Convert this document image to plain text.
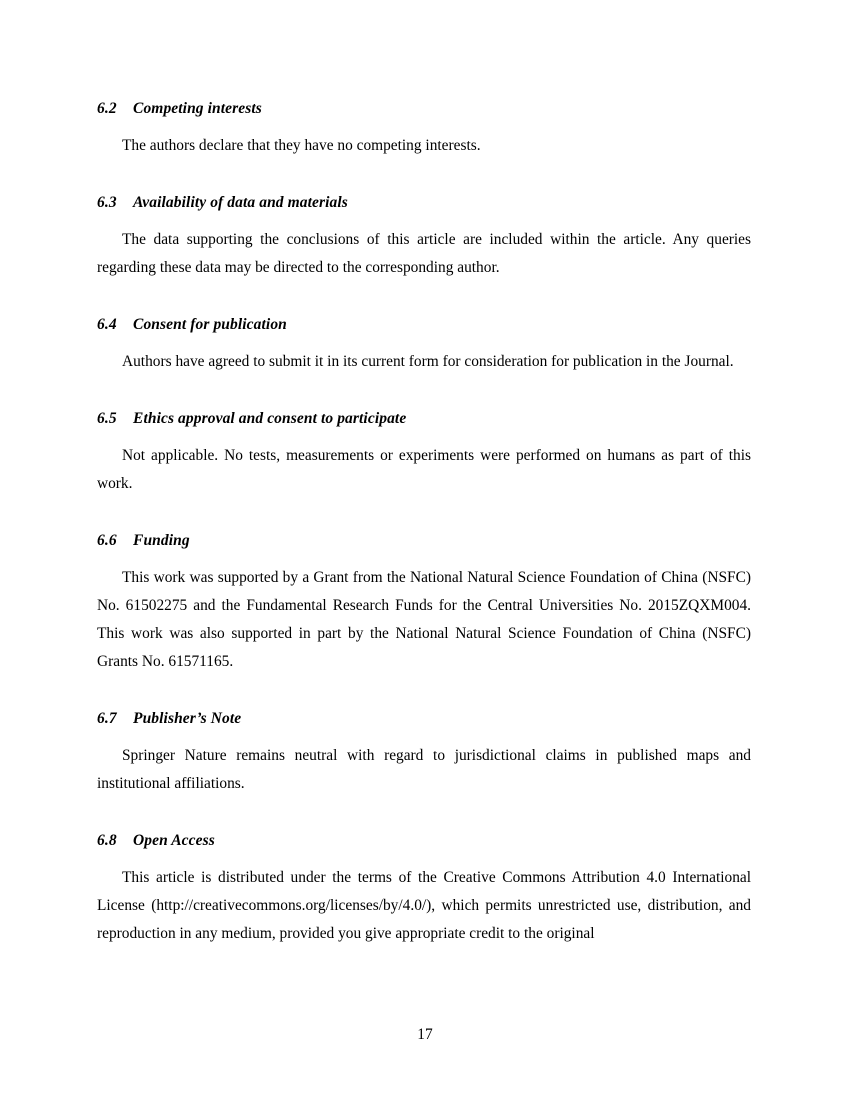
6.2 Competing interests

The authors declare that they have no competing interests.

6.3 Availability of data and materials

The data supporting the conclusions of this article are included within the article. Any queries regarding these data may be directed to the corresponding author.

6.4 Consent for publication

Authors have agreed to submit it in its current form for consideration for publication in the Journal.

6.5 Ethics approval and consent to participate

Not applicable. No tests, measurements or experiments were performed on humans as part of this work.

6.6 Funding

This work was supported by a Grant from the National Natural Science Foundation of China (NSFC) No. 61502275 and the Fundamental Research Funds for the Central Universities No. 2015ZQXM004. This work was also supported in part by the National Natural Science Foundation of China (NSFC) Grants No. 61571165.

6.7 Publisher’s Note

Springer Nature remains neutral with regard to jurisdictional claims in published maps and institutional affiliations.

6.8 Open Access

This article is distributed under the terms of the Creative Commons Attribution 4.0 International License (http://creativecommons.org/licenses/by/4.0/), which permits unrestricted use, distribution, and reproduction in any medium, provided you give appropriate credit to the original

17
